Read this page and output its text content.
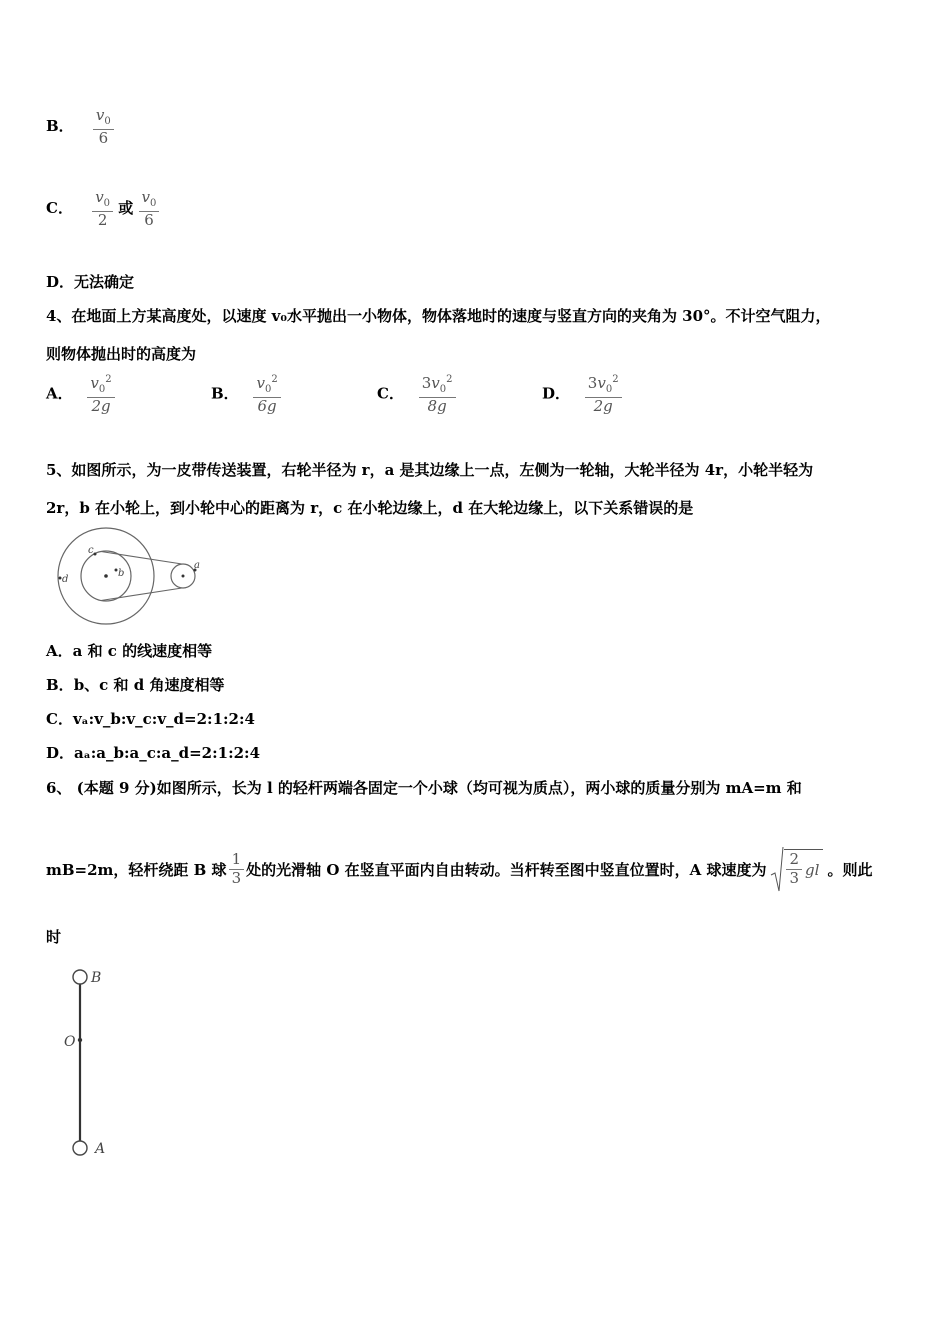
B． $\frac{v_0}{6}$
C． $\frac{v_0}{2}$ 或 $\frac{v_0}{6}$
D．无法确定
4、在地面上方某高度处，以速度 v₀水平抛出一小物体，物体落地时的速度与竖直方向的夹角为 30°。不计空气阻力，
则物体抛出时的高度为
A． $\frac{v_0^2}{2g}$	B． $\frac{v_0^2}{6g}$	C． $\frac{3v_0^2}{8g}$	D． $\frac{3v_0^2}{2g}$
5、如图所示，为一皮带传送装置，右轮半径为 r，a 是其边缘上一点，左侧为一轮轴，大轮半径为 4r，小轮半轻为
2r，b 在小轮上，到小轮中心的距离为 r，c 在小轮边缘上，d 在大轮边缘上，以下关系错误的是
b
c
d
a
A．a 和 c 的线速度相等
B．b、c 和 d 角速度相等
C．vₐ:v_b:v_c:v_d=2:1:2:4
D．aₐ:a_b:a_c:a_d=2:1:2:4
6、 (本题 9 分)如图所示，长为 l 的轻杆两端各固定一个小球（均可视为质点），两小球的质量分别为 mA=m 和
mB=2m，轻杆绕距 B 球 $\frac{1}{3}$ 处的光滑轴 O 在竖直平面内自由转动。当杆转至图中竖直位置时，A 球速度为 $\frac{2}{3}$ gl 。则此
时
B
O
A
